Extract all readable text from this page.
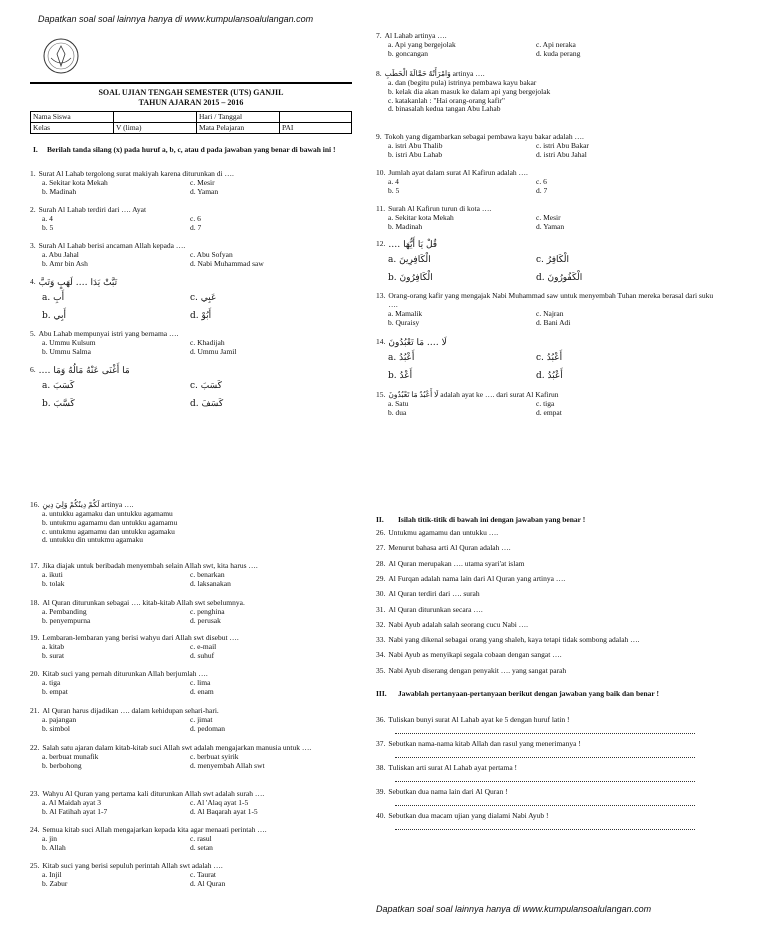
Dapatkan soal soal lainnya hanya di www.kumpulansoalulangan.com
Dapatkan soal soal lainnya hanya di www.kumpulansoalulangan.com
SOAL UJIAN TENGAH SEMESTER (UTS) GANJIL
TAHUN AJARAN 2015 – 2016
Nama Siswa		Hari / Tanggal	
Kelas	V (lima)	Mata Pelajaran	PAI
I.	Berilah tanda silang (x) pada huruf a, b, c, atau d pada jawaban yang benar di bawah ini !
1. Surat Al Lahab tergolong surat makiyah karena diturunkan di ….
a. Sekitar kota Mekah	c. Mesir
b. Madinah	d. Yaman
2. Surah Al Lahab terdiri dari …. Ayat
a. 4	c. 6
b. 5	d. 7
3. Surah Al Lahab berisi ancaman Allah kepada ….
a. Abu Jahal	c. Abu Sofyan
b. Amr bin Ash	d. Nabi Muhammad saw
4. تَبَّتْ يَدَا …. لَهَبٍ وَتَبَّ
a. أَبِ	c. عَبِي
b. أَبِي	d. أَبُوْ
5. Abu Lahab mempunyai istri yang bernama ….
a. Ummu Kulsum	c. Khadijah
b. Ummu Salma	d. Ummu Jamil
6. مَا أَغْنَى عَنْهُ مَالُهُ وَمَا ….
a. كَسَبَ	c. كَسَبَ
b. كَسَّبَ	d. كَسَفَ
7. Al Lahab artinya ….
a. Api yang bergejolak	c. Api neraka
b. goncangan	d. kuda perang
8. وَامْرَأَتُهُ حَمَّالَةَ الْحَطَبِ artinya ….
a. dan (begitu pula) istrinya pembawa kayu bakar
b. kelak dia akan masuk ke dalam api yang bergejolak
c. katakanlah : "Hai orang-orang kafir"
d. binasalah kedua tangan Abu Lahab
9. Tokoh yang digambarkan sebagai pembawa kayu bakar adalah ….
a. istri Abu Thalib	c. istri Abu Bakar
b. istri Abu Lahab	d. istri Abu Jahal
10. Jumlah ayat dalam surat Al Kafirun adalah ….
a. 4	c. 6
b. 5	d. 7
11. Surah Al Kafirun turun di kota ….
a. Sekitar kota Mekah	c. Mesir
b. Madinah	d. Yaman
12. قُلْ يَا أَيُّهَا ….
a. الْكَافِرِينَ	c. الْكَافِرُ
b. الْكَافِرُونَ	d. الْكَفُورُونَ
13. Orang-orang kafir yang mengajak Nabi Muhammad saw untuk menyembah Tuhan mereka berasal dari suku ….
a. Mamalik	c. Najran
b. Quraisy	d. Bani Adi
14. لَا …. مَا تَعْبُدُونَ
a. أَعْبُدُ	c. أَعْبُدُ
b. أَعْدُ	d. أَعْبُدُ
15. لَا أَعْبُدُ مَا تَعْبُدُونَ adalah ayat ke …. dari surat Al Kafirun
a. Satu	c. tiga
b. dua	d. empat
16. لَكُمْ دِينُكُمْ وَلِيَ دِينِ artinya ….
a. untukku agamaku dan untukku agamamu
b. untukmu agamamu dan untukku agamamu
c. untukmu agamamu dan untukku agamaku
d. untukku din untukmu agamaku
17. Jika diajak untuk beribadah menyembah selain Allah swt, kita harus ….
a. ikuti	c. benarkan
b. tolak	d. laksanakan
18. Al Quran diturunkan sebagai …. kitab-kitab Allah swt sebelumnya.
a. Pembanding	c. penghina
b. penyempurna	d. perusak
19. Lembaran-lembaran yang berisi wahyu dari Allah swt disebut ….
a. kitab	c. e-mail
b. surat	d. suhuf
20. Kitab suci yang pernah diturunkan Allah berjumlah ….
a. tiga	c. lima
b. empat	d. enam
21. Al Quran harus dijadikan …. dalam kehidupan sehari-hari.
a. pajangan	c. jimat
b. simbol	d. pedoman
22. Salah satu ajaran dalam kitab-kitab suci Allah swt adalah mengajarkan manusia untuk ….
a. berbuat munafik	c. berbuat syirik
b. berbohong	d. menyembah Allah swt
23. Wahyu Al Quran yang pertama kali diturunkan Allah swt adalah surah ….
a. Al Maidah ayat 3	c. Al 'Alaq ayat 1-5
b. Al Fatihah ayat 1-7	d. Al Baqarah ayat 1-5
24. Semua kitab suci Allah mengajarkan kepada kita agar menaati perintah ….
a. jin	c. rasul
b. Allah	d. setan
25. Kitab suci yang berisi sepuluh perintah Allah swt adalah ….
a. Injil	c. Taurat
b. Zabur	d. Al Quran
II.	Isilah titik-titik di bawah ini dengan jawaban yang benar !
26. Untukmu agamamu dan untukku ….
27. Menurut bahasa arti Al Quran adalah ….
28. Al Quran merupakan …. utama syari'at islam
29. Al Furqan adalah nama lain dari Al Quran yang artinya ….
30. Al Quran terdiri dari …. surah
31. Al Quran diturunkan secara ….
32. Nabi Ayub adalah salah seorang cucu Nabi ….
33. Nabi yang dikenal sebagai orang yang shaleh, kaya tetapi tidak sombong adalah ….
34. Nabi Ayub as menyikapi segala cobaan dengan sangat ….
35. Nabi Ayub diserang dengan penyakit …. yang sangat parah
III.	Jawablah pertanyaan-pertanyaan berikut dengan jawaban yang baik dan benar !
36. Tuliskan bunyi surat Al Lahab ayat ke 5 dengan huruf latin !
37. Sebutkan nama-nama kitab Allah dan rasul yang menerimanya !
38. Tuliskan arti surat Al Lahab ayat pertama !
39. Sebutkan dua nama lain dari Al Quran !
40. Sebutkan dua macam ujian yang dialami Nabi Ayub !
